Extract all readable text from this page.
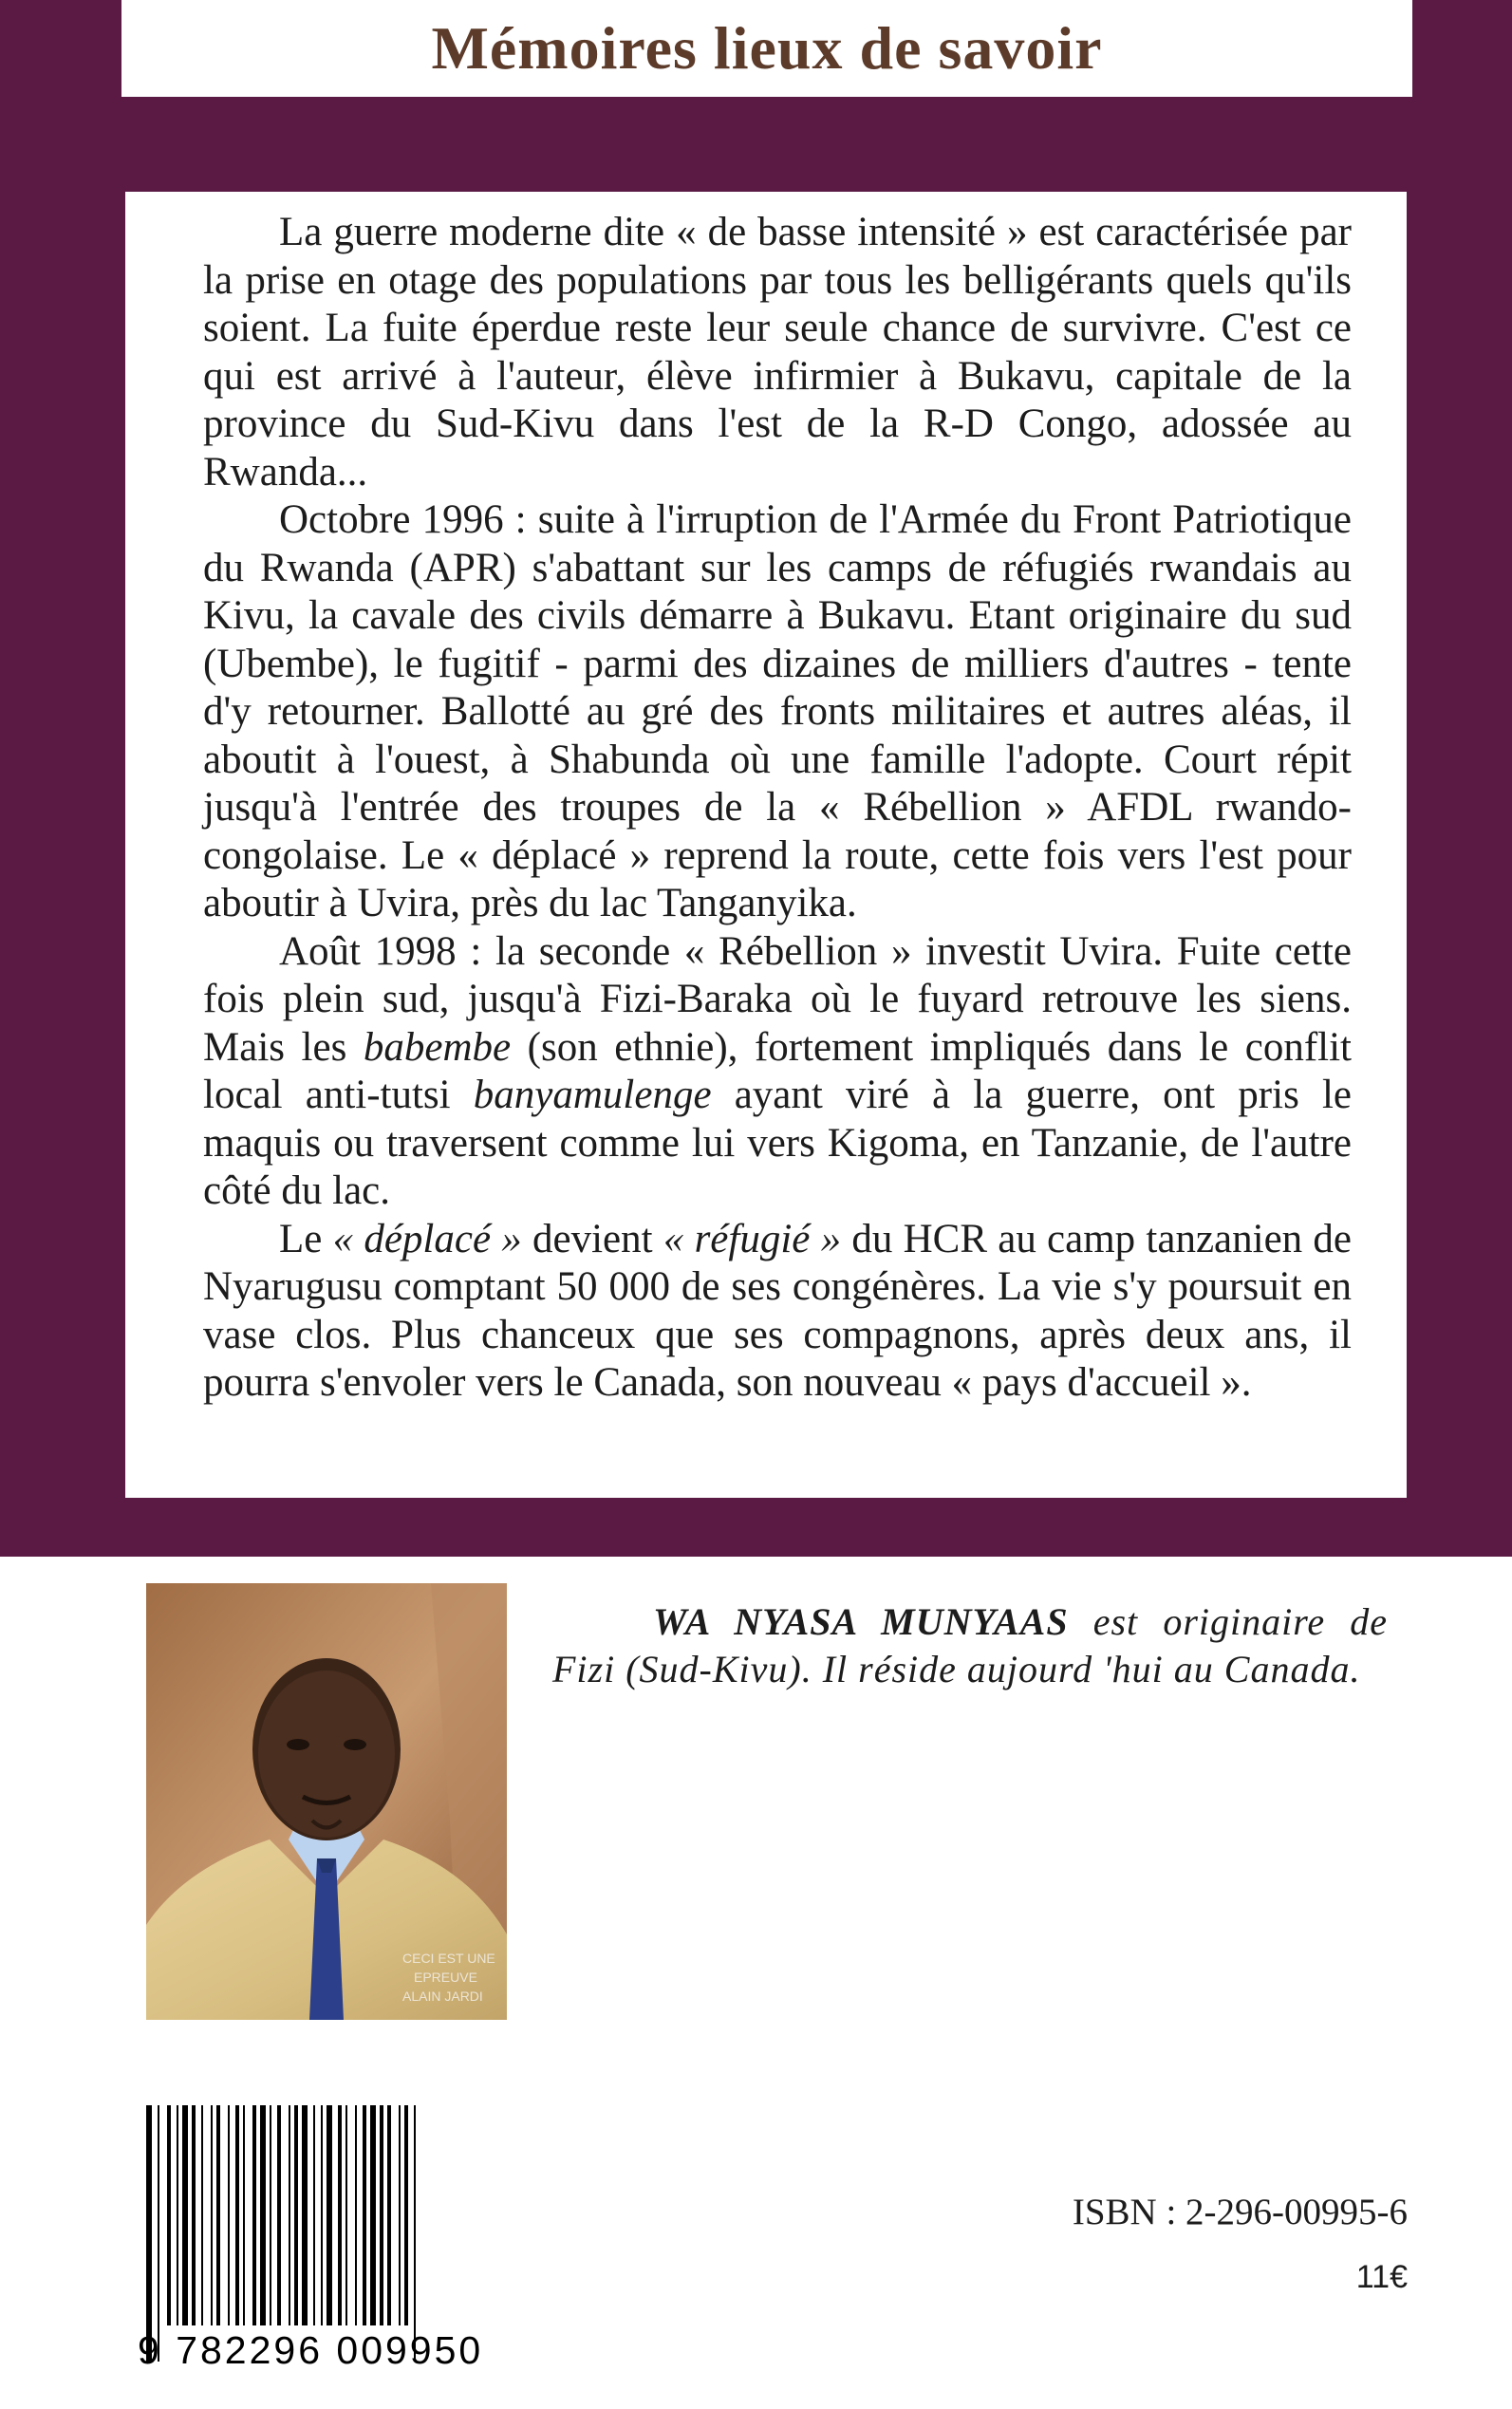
Mémoires lieux de savoir

La guerre moderne dite « de basse intensité » est caractérisée par la prise en otage des populations par tous les belligérants quels qu'ils soient. La fuite éperdue reste leur seule chance de survivre. C'est ce qui est arrivé à l'auteur, élève infirmier à Bukavu, capitale de la province du Sud-Kivu dans l'est de la R-D Congo, adossée au Rwanda...

Octobre 1996 : suite à l'irruption de l'Armée du Front Patriotique du Rwanda (APR) s'abattant sur les camps de réfugiés rwandais au Kivu, la cavale des civils démarre à Bukavu. Etant originaire du sud (Ubembe), le fugitif - parmi des dizaines de milliers d'autres - tente d'y retourner. Ballotté au gré des fronts militaires et autres aléas, il aboutit à l'ouest, à Shabunda où une famille l'adopte. Court répit jusqu'à l'entrée des troupes de la « Rébellion » AFDL rwando-congolaise. Le « déplacé » reprend la route, cette fois vers l'est pour aboutir à Uvira, près du lac Tanganyika.

Août 1998 : la seconde « Rébellion » investit Uvira. Fuite cette fois plein sud, jusqu'à Fizi-Baraka où le fuyard retrouve les siens. Mais les babembe (son ethnie), fortement impliqués dans le conflit local anti-tutsi banyamulenge ayant viré à la guerre, ont pris le maquis ou traversent comme lui vers Kigoma, en Tanzanie, de l'autre côté du lac.

Le « déplacé » devient « réfugié » du HCR au camp tanzanien de Nyarugusu comptant 50 000 de ses congénères. La vie s'y poursuit en vase clos. Plus chanceux que ses compagnons, après deux ans, il pourra s'envoler vers le Canada, son nouveau « pays d'accueil ».

CECI EST UNE
EPREUVE
ALAIN JARDI
WA NYASA MUNYAAS est originaire de Fizi (Sud-Kivu). Il réside aujourd 'hui au Canada.
9 782296 009950
ISBN : 2-296-00995-6
11€
